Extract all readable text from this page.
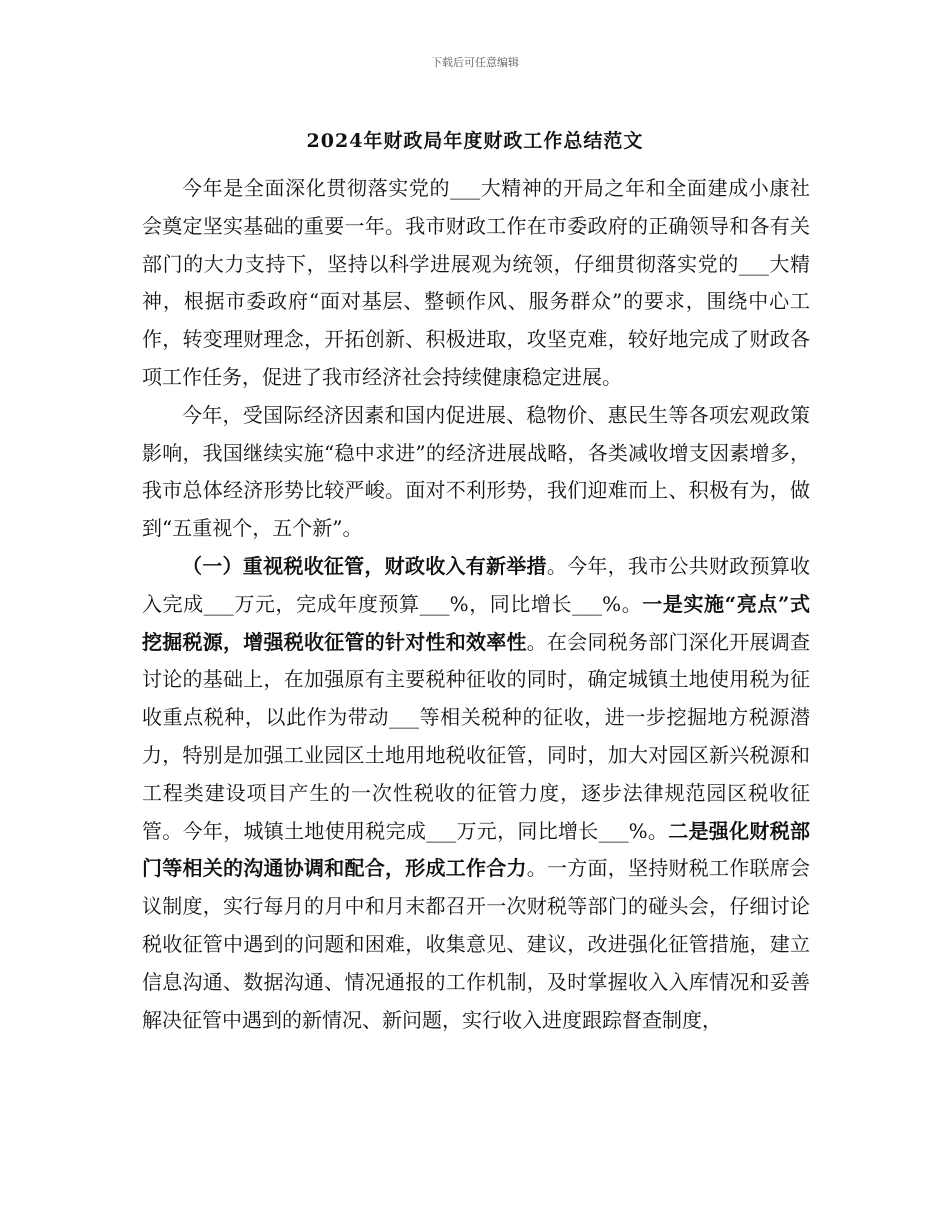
下载后可任意编辑
2024年财政局年度财政工作总结范文

今年是全面深化贯彻落实党的___大精神的开局之年和全面建成小康社会奠定坚实基础的重要一年。我市财政工作在市委政府的正确领导和各有关部门的大力支持下，坚持以科学进展观为统领，仔细贯彻落实党的___大精神，根据市委政府“面对基层、整顿作风、服务群众”的要求，围绕中心工作，转变理财理念，开拓创新、积极进取，攻坚克难，较好地完成了财政各项工作任务，促进了我市经济社会持续健康稳定进展。

今年，受国际经济因素和国内促进展、稳物价、惠民生等各项宏观政策影响，我国继续实施“稳中求进”的经济进展战略，各类减收增支因素增多，我市总体经济形势比较严峻。面对不利形势，我们迎难而上、积极有为，做到“五重视个，五个新”。

（一）重视税收征管，财政收入有新举措。今年，我市公共财政预算收入完成___万元，完成年度预算___%，同比增长___%。一是实施“亮点”式挖掘税源，增强税收征管的针对性和效率性。在会同税务部门深化开展调查讨论的基础上，在加强原有主要税种征收的同时，确定城镇土地使用税为征收重点税种，以此作为带动___等相关税种的征收，进一步挖掘地方税源潜力，特别是加强工业园区土地用地税收征管，同时，加大对园区新兴税源和工程类建设项目产生的一次性税收的征管力度，逐步法律规范园区税收征管。今年，城镇土地使用税完成___万元，同比增长___%。二是强化财税部门等相关的沟通协调和配合，形成工作合力。一方面，坚持财税工作联席会议制度，实行每月的月中和月末都召开一次财税等部门的碰头会，仔细讨论税收征管中遇到的问题和困难，收集意见、建议，改进强化征管措施，建立信息沟通、数据沟通、情况通报的工作机制，及时掌握收入入库情况和妥善解决征管中遇到的新情况、新问题，实行收入进度跟踪督查制度，
